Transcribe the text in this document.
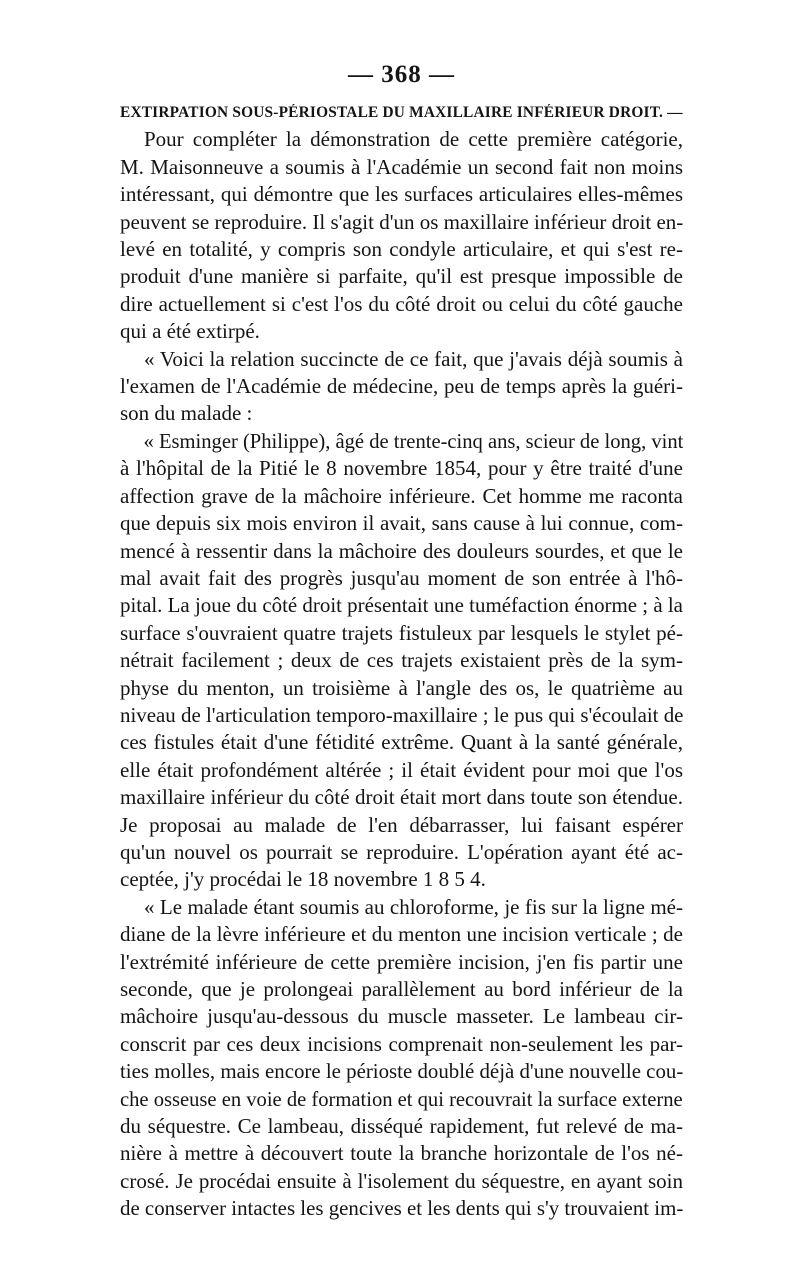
— 368 —
EXTIRPATION SOUS-PÉRIOSTALE DU MAXILLAIRE INFÉRIEUR DROIT. —
Pour compléter la démonstration de cette première catégorie,
M. Maisonneuve a soumis à l'Académie un second fait non moins
intéressant, qui démontre que les surfaces articulaires elles-mêmes
peuvent se reproduire. Il s'agit d'un os maxillaire inférieur droit en-
levé en totalité, y compris son condyle articulaire, et qui s'est re-
produit d'une manière si parfaite, qu'il est presque impossible de
dire actuellement si c'est l'os du côté droit ou celui du côté gauche
qui a été extirpé.
« Voici la relation succincte de ce fait, que j'avais déjà soumis à
l'examen de l'Académie de médecine, peu de temps après la guéri-
son du malade :
« Esminger (Philippe), âgé de trente-cinq ans, scieur de long, vint
à l'hôpital de la Pitié le 8 novembre 1854, pour y être traité d'une
affection grave de la mâchoire inférieure. Cet homme me raconta
que depuis six mois environ il avait, sans cause à lui connue, com-
mencé à ressentir dans la mâchoire des douleurs sourdes, et que le
mal avait fait des progrès jusqu'au moment de son entrée à l'hô-
pital. La joue du côté droit présentait une tuméfaction énorme ; à la
surface s'ouvraient quatre trajets fistuleux par lesquels le stylet pé-
nétrait facilement ; deux de ces trajets existaient près de la sym-
physe du menton, un troisième à l'angle des os, le quatrième au
niveau de l'articulation temporo-maxillaire ; le pus qui s'écoulait de
ces fistules était d'une fétidité extrême. Quant à la santé générale,
elle était profondément altérée ; il était évident pour moi que l'os
maxillaire inférieur du côté droit était mort dans toute son étendue.
Je proposai au malade de l'en débarrasser, lui faisant espérer
qu'un nouvel os pourrait se reproduire. L'opération ayant été ac-
ceptée, j'y procédai le 18 novembre 1 8 5 4.
« Le malade étant soumis au chloroforme, je fis sur la ligne mé-
diane de la lèvre inférieure et du menton une incision verticale ; de
l'extrémité inférieure de cette première incision, j'en fis partir une
seconde, que je prolongeai parallèlement au bord inférieur de la
mâchoire jusqu'au-dessous du muscle masseter. Le lambeau cir-
conscrit par ces deux incisions comprenait non-seulement les par-
ties molles, mais encore le périoste doublé déjà d'une nouvelle cou-
che osseuse en voie de formation et qui recouvrait la surface externe
du séquestre. Ce lambeau, disséqué rapidement, fut relevé de ma-
nière à mettre à découvert toute la branche horizontale de l'os né-
crosé. Je procédai ensuite à l'isolement du séquestre, en ayant soin
de conserver intactes les gencives et les dents qui s'y trouvaient im-
